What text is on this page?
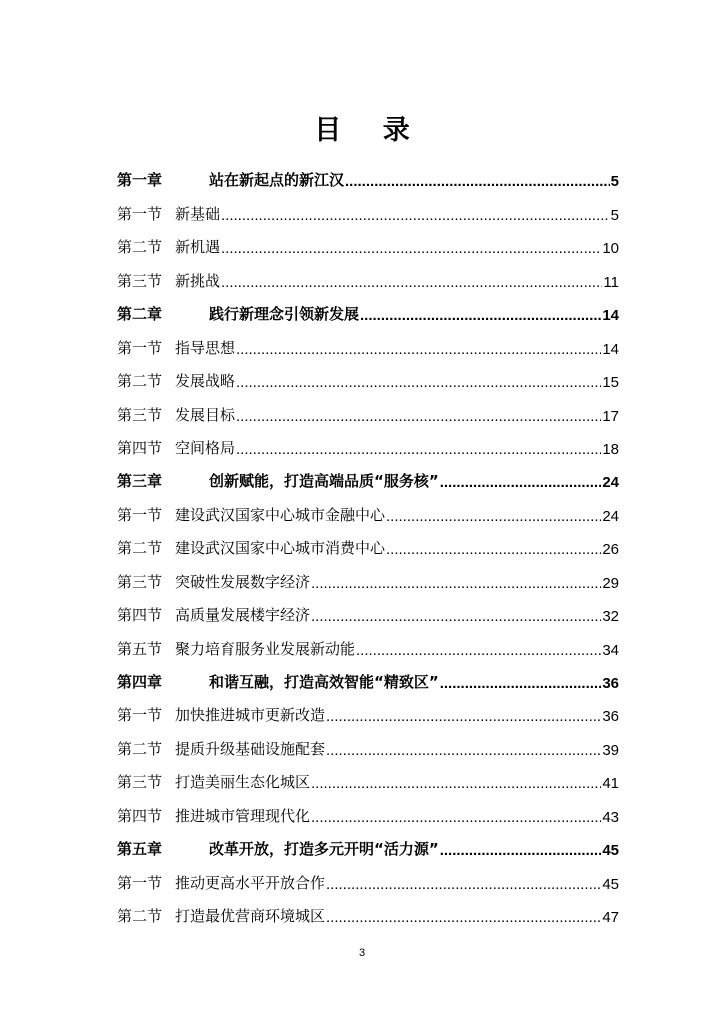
目 录
第一章	站在新起点的新江汉 .....	5
第一节 新基础 .....	5
第二节 新机遇 .....	10
第三节 新挑战 .....	11
第二章	践行新理念引领新发展 .....	14
第一节 指导思想 .....	14
第二节 发展战略 .....	15
第三节 发展目标 .....	17
第四节 空间格局 .....	18
第三章	创新赋能，打造高端品质“服务核” .....	24
第一节 建设武汉国家中心城市金融中心 .....	24
第二节 建设武汉国家中心城市消费中心 .....	26
第三节 突破性发展数字经济 .....	29
第四节 高质量发展楼宇经济 .....	32
第五节 聚力培育服务业发展新动能 .....	34
第四章	和谐互融，打造高效智能“精致区” .....	36
第一节 加快推进城市更新改造 .....	36
第二节 提质升级基础设施配套 .....	39
第三节 打造美丽生态化城区 .....	41
第四节 推进城市管理现代化 .....	43
第五章	改革开放，打造多元开明“活力源” .....	45
第一节 推动更高水平开放合作 .....	45
第二节 打造最优营商环境城区 .....	47
3
